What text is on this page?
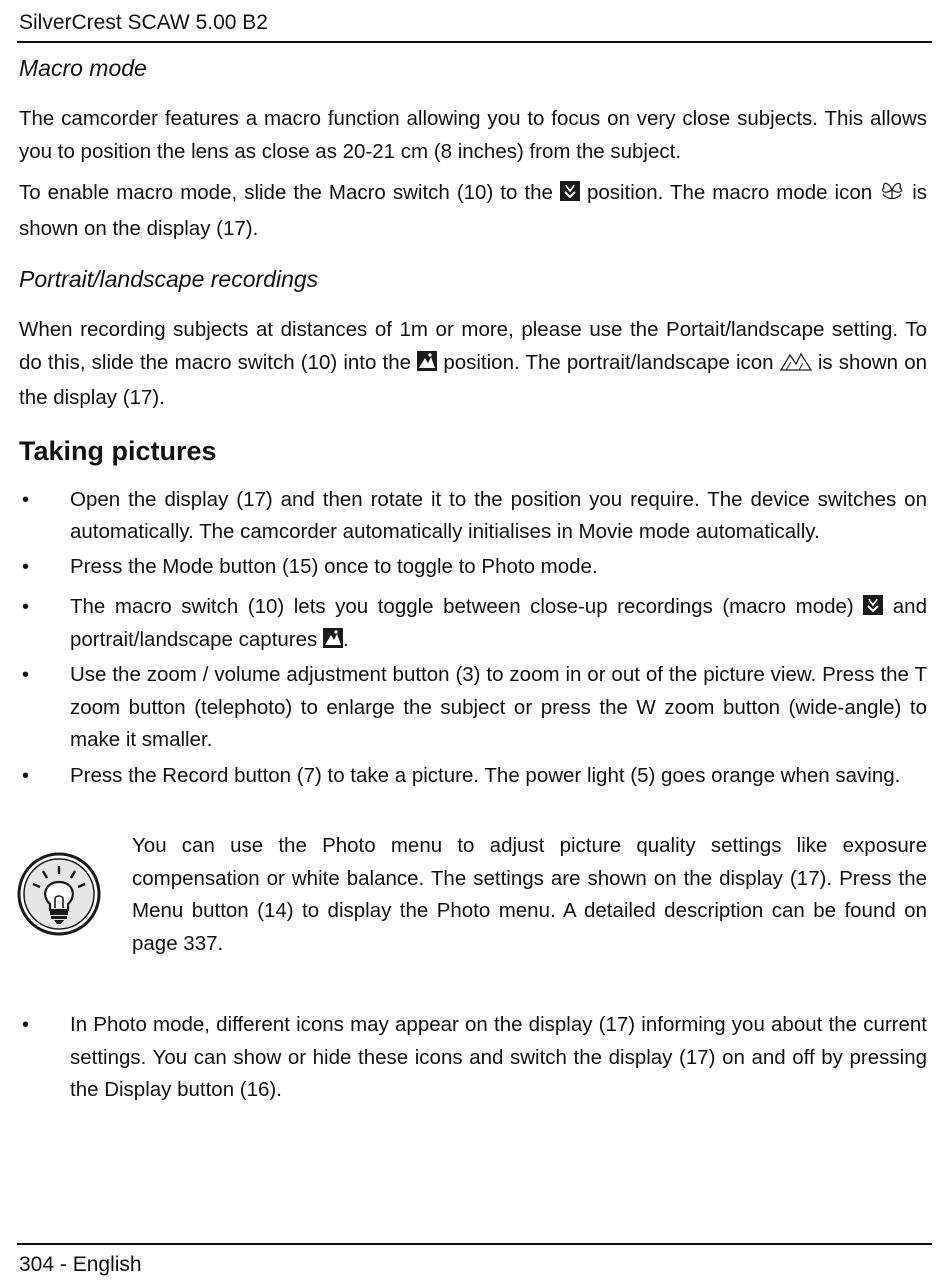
SilverCrest SCAW 5.00 B2

Macro mode

The camcorder features a macro function allowing you to focus on very close subjects. This allows you to position the lens as close as 20-21 cm (8 inches) from the subject.

To enable macro mode, slide the Macro switch (10) to the position. The macro mode icon is shown on the display (17).

Portrait/landscape recordings

When recording subjects at distances of 1m or more, please use the Portait/landscape setting. To do this, slide the macro switch (10) into the position. The portrait/landscape icon is shown on the display (17).

Taking pictures
• Open the display (17) and then rotate it to the position you require. The device switches on automatically. The camcorder automatically initialises in Movie mode automatically.
• Press the Mode button (15) once to toggle to Photo mode.
• The macro switch (10) lets you toggle between close-up recordings (macro mode) and portrait/landscape captures .
• Use the zoom / volume adjustment button (3) to zoom in or out of the picture view. Press the T zoom button (telephoto) to enlarge the subject or press the W zoom button (wide-angle) to make it smaller.
• Press the Record button (7) to take a picture. The power light (5) goes orange when saving.

You can use the Photo menu to adjust picture quality settings like exposure compensation or white balance. The settings are shown on the display (17). Press the Menu button (14) to display the Photo menu. A detailed description can be found on page 337.

• In Photo mode, different icons may appear on the display (17) informing you about the current settings. You can show or hide these icons and switch the display (17) on and off by pressing the Display button (16).
304 - English
